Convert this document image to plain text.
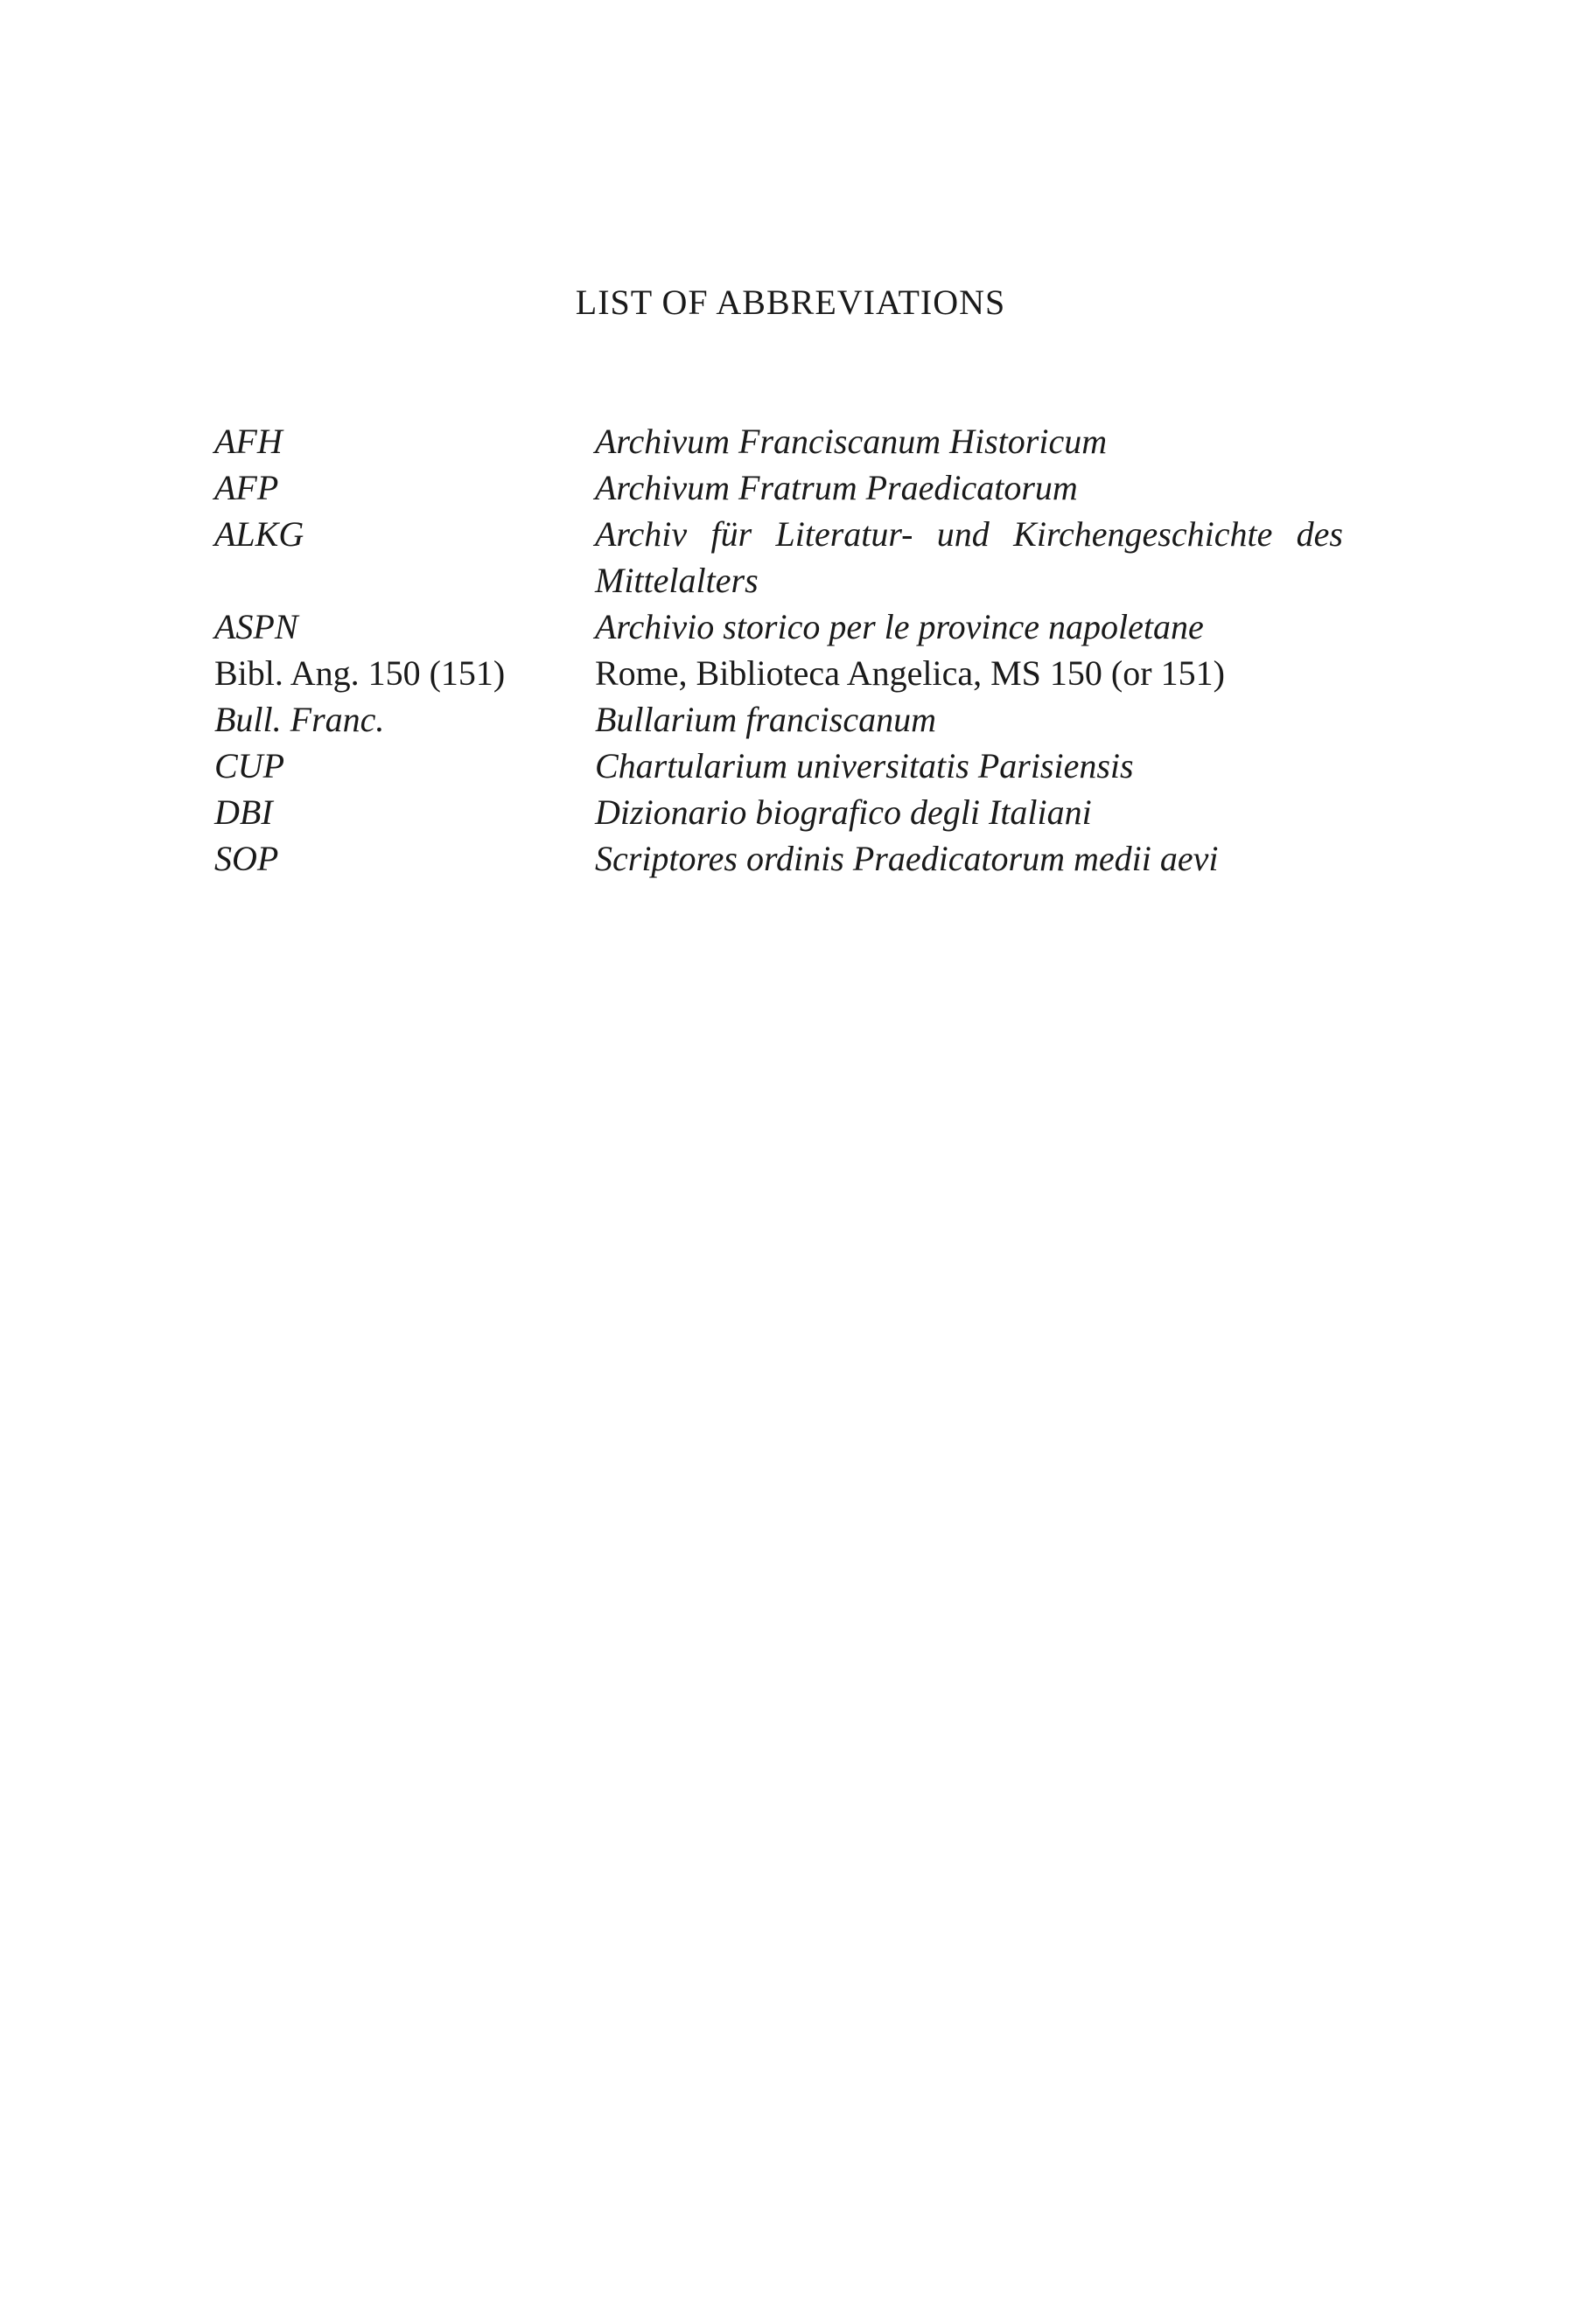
LIST OF ABBREVIATIONS
AFH	Archivum Franciscanum Historicum
AFP	Archivum Fratrum Praedicatorum
ALKG	Archiv für Literatur- und Kirchengeschichte des
Mittelalters
ASPN	Archivio storico per le province napoletane
Bibl. Ang. 150 (151)	Rome, Biblioteca Angelica, MS 150 (or 151)
Bull. Franc.	Bullarium franciscanum
CUP	Chartularium universitatis Parisiensis
DBI	Dizionario biografico degli Italiani
SOP	Scriptores ordinis Praedicatorum medii aevi
